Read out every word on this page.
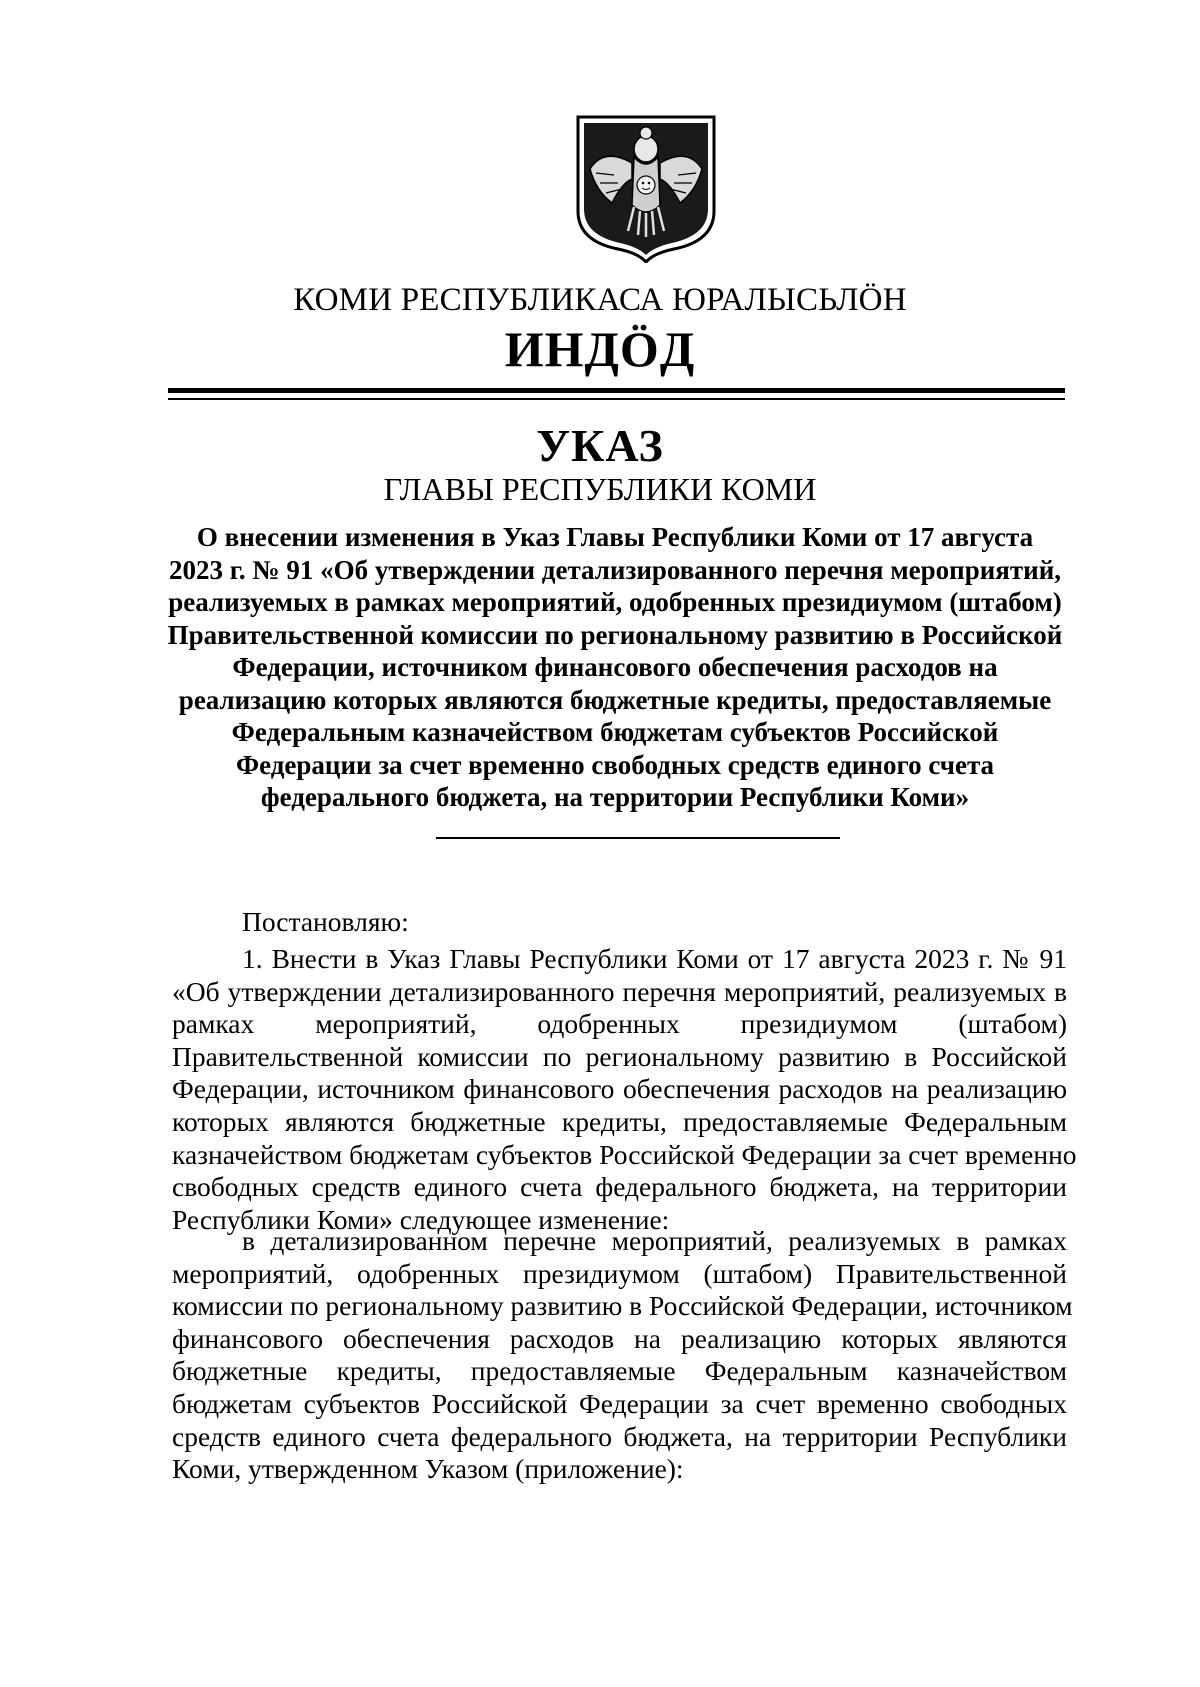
КОМИ РЕСПУБЛИКАСА ЮРАЛЫСЬЛÖН
ИНДÖД
УКАЗ
ГЛАВЫ РЕСПУБЛИКИ КОМИ
О внесении изменения в Указ Главы Республики Коми от 17 августа
2023 г. № 91 «Об утверждении детализированного перечня мероприятий,
реализуемых в рамках мероприятий, одобренных президиумом (штабом)
Правительственной комиссии по региональному развитию в Российской
Федерации, источником финансового обеспечения расходов на
реализацию которых являются бюджетные кредиты, предоставляемые
Федеральным казначейством бюджетам субъектов Российской
Федерации за счет временно свободных средств единого счета
федерального бюджета, на территории Республики Коми»
Постановляю:
1. Внести в Указ Главы Республики Коми от 17 августа 2023 г. № 91
«Об утверждении детализированного перечня мероприятий, реализуемых в
рамках мероприятий, одобренных президиумом (штабом)
Правительственной комиссии по региональному развитию в Российской
Федерации, источником финансового обеспечения расходов на реализацию
которых являются бюджетные кредиты, предоставляемые Федеральным
казначейством бюджетам субъектов Российской Федерации за счет временно
свободных средств единого счета федерального бюджета, на территории
Республики Коми» следующее изменение:
в детализированном перечне мероприятий, реализуемых в рамках
мероприятий, одобренных президиумом (штабом) Правительственной
комиссии по региональному развитию в Российской Федерации, источником
финансового обеспечения расходов на реализацию которых являются
бюджетные кредиты, предоставляемые Федеральным казначейством
бюджетам субъектов Российской Федерации за счет временно свободных
средств единого счета федерального бюджета, на территории Республики
Коми, утвержденном Указом (приложение):
